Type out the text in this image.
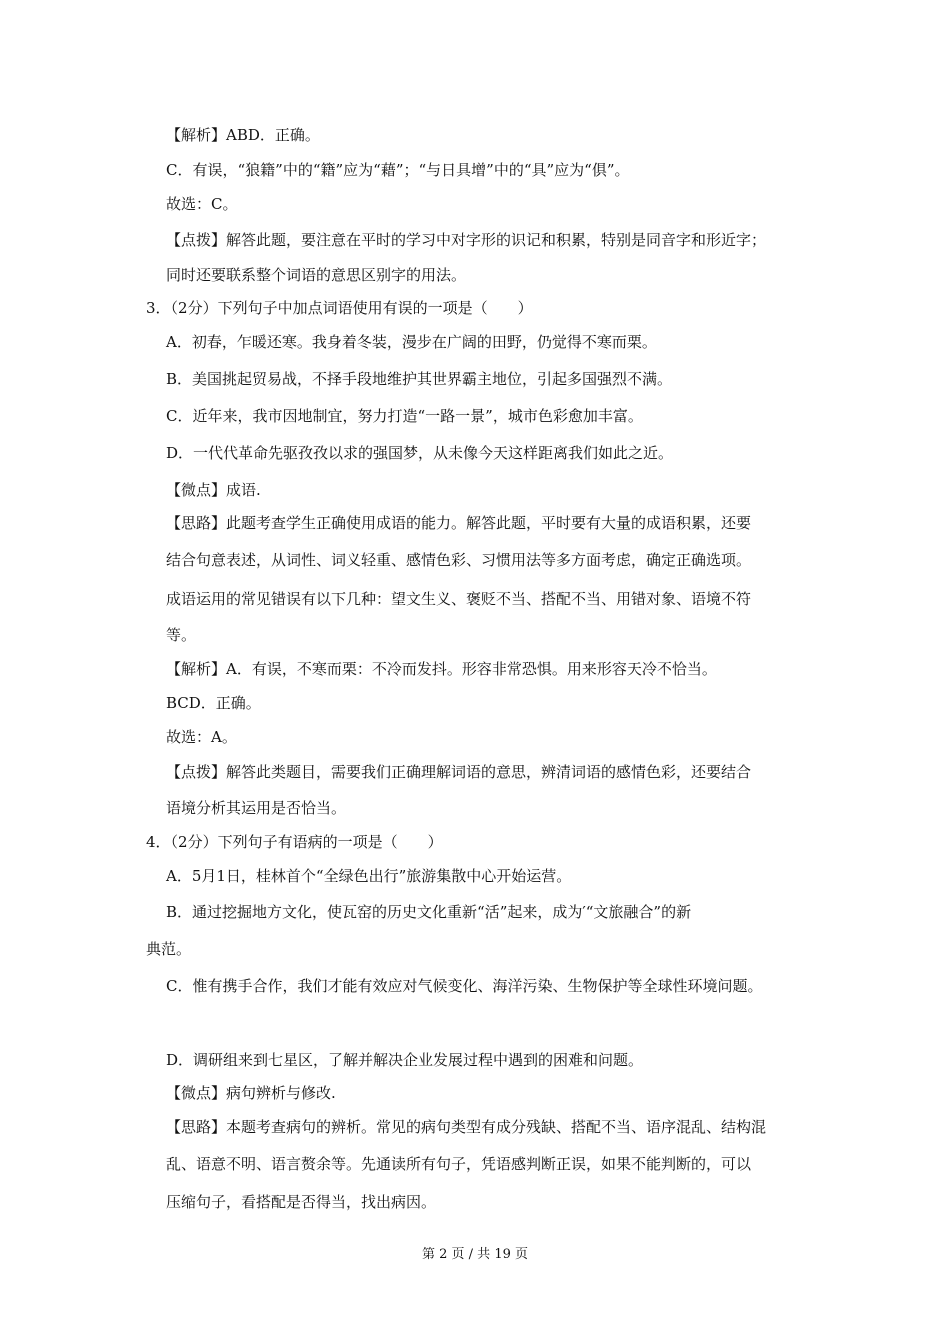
【解析】ABD．正确。
C．有误，“狼籍”中的“籍”应为“藉”；“与日具增”中的“具”应为“俱”。
故选：C。
【点拨】解答此题，要注意在平时的学习中对字形的识记和积累，特别是同音字和形近字；
同时还要联系整个词语的意思区别字的用法。
3．（2分）下列句子中加点词语使用有误的一项是（　　）
A．初春，乍暖还寒。我身着冬装，漫步在广阔的田野，仍觉得不寒而栗。
B．美国挑起贸易战，不择手段地维护其世界霸主地位，引起多国强烈不满。
C．近年来，我市因地制宜，努力打造“一路一景”，城市色彩愈加丰富。
D．一代代革命先驱孜孜以求的强国梦，从未像今天这样距离我们如此之近。
【微点】成语.
【思路】此题考查学生正确使用成语的能力。解答此题，平时要有大量的成语积累，还要
结合句意表述，从词性、词义轻重、感情色彩、习惯用法等多方面考虑，确定正确选项。
成语运用的常见错误有以下几种：望文生义、褒贬不当、搭配不当、用错对象、语境不符
等。
【解析】A．有误，不寒而栗：不冷而发抖。形容非常恐惧。用来形容天冷不恰当。
BCD．正确。
故选：A。
【点拨】解答此类题目，需要我们正确理解词语的意思，辨清词语的感情色彩，还要结合
语境分析其运用是否恰当。
4．（2分）下列句子有语病的一项是（　　）
A．5月1日，桂林首个“全绿色出行”旅游集散中心开始运营。
B．通过挖掘地方文化，使瓦窑的历史文化重新“活”起来，成为′“文旅融合”的新
典范。
C．惟有携手合作，我们才能有效应对气候变化、海洋污染、生物保护等全球性环境问题。
D．调研组来到七星区，了解并解决企业发展过程中遇到的困难和问题。
【微点】病句辨析与修改.
【思路】本题考查病句的辨析。常见的病句类型有成分残缺、搭配不当、语序混乱、结构混
乱、语意不明、语言赘余等。先通读所有句子，凭语感判断正误，如果不能判断的，可以
压缩句子，看搭配是否得当，找出病因。
第 2 页 / 共 19 页
